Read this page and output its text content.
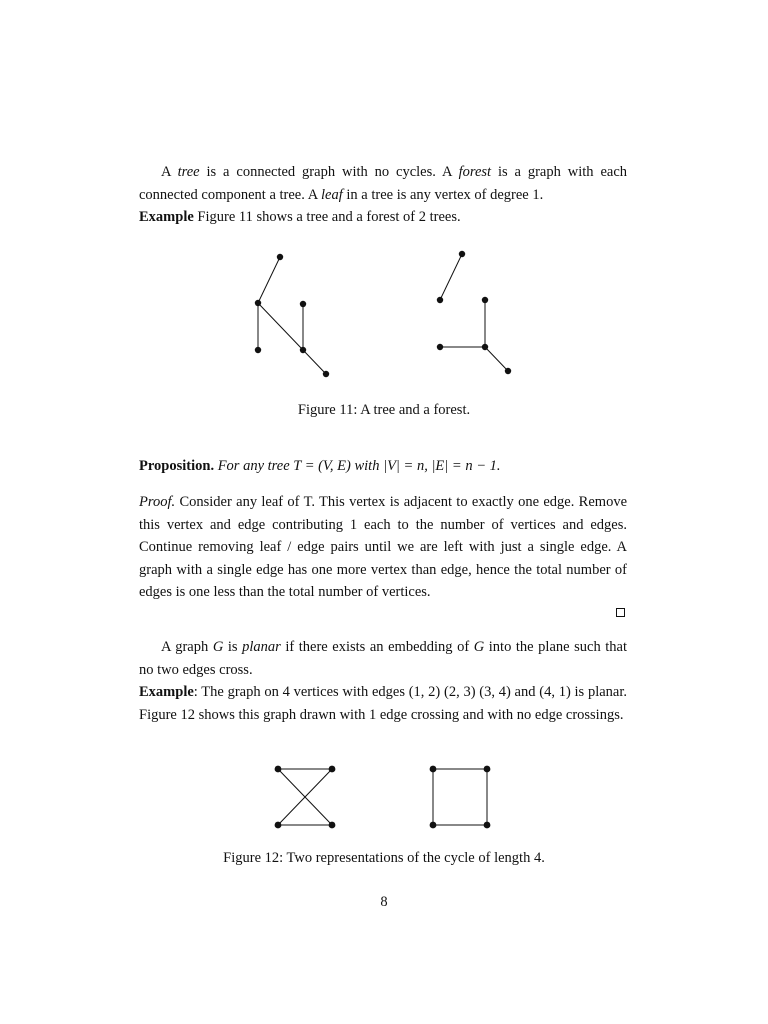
A tree is a connected graph with no cycles. A forest is a graph with each connected component a tree. A leaf in a tree is any vertex of degree 1.
Example Figure 11 shows a tree and a forest of 2 trees.
Figure 11: A tree and a forest.
Proposition. For any tree T = (V, E) with |V| = n, |E| = n − 1.
Proof. Consider any leaf of T. This vertex is adjacent to exactly one edge. Remove this vertex and edge contributing 1 each to the number of vertices and edges. Continue removing leaf / edge pairs until we are left with just a single edge. A graph with a single edge has one more vertex than edge, hence the total number of edges is one less than the total number of vertices.
A graph G is planar if there exists an embedding of G into the plane such that no two edges cross.
Example: The graph on 4 vertices with edges (1, 2) (2, 3) (3, 4) and (4, 1) is planar. Figure 12 shows this graph drawn with 1 edge crossing and with no edge crossings.
Figure 12: Two representations of the cycle of length 4.
8
